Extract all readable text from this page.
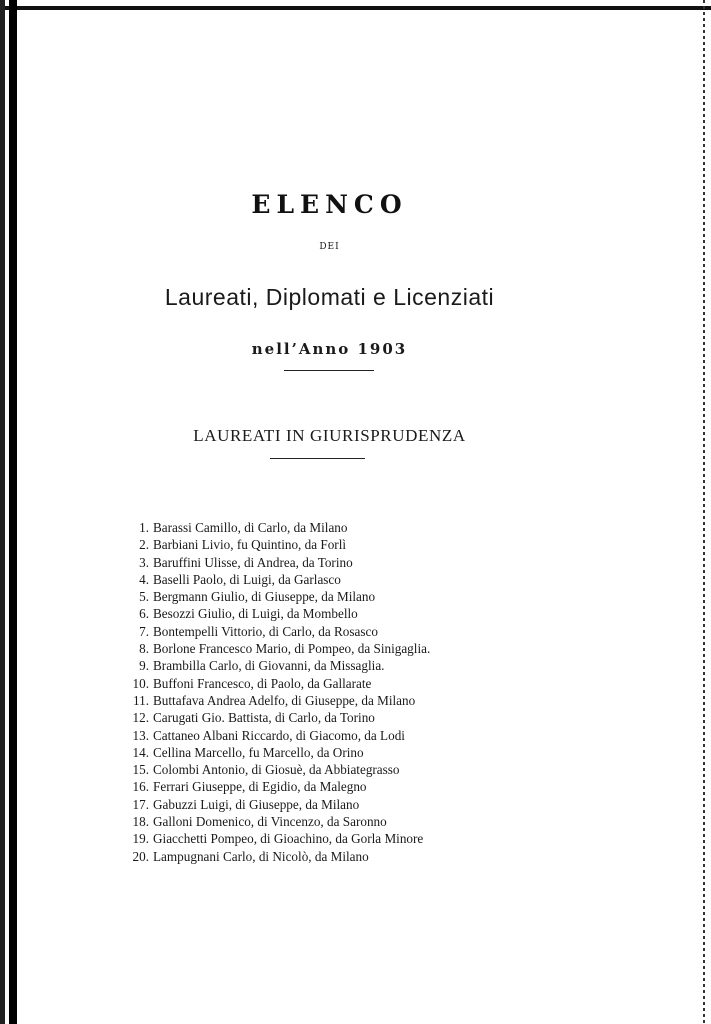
ELENCO
DEI
Laureati, Diplomati e Licenziati
nell’Anno 1903
LAUREATI IN GIURISPRUDENZA
1. Barassi Camillo, di Carlo, da Milano
2. Barbiani Livio, fu Quintino, da Forlì
3. Baruffini Ulisse, di Andrea, da Torino
4. Baselli Paolo, di Luigi, da Garlasco
5. Bergmann Giulio, di Giuseppe, da Milano
6. Besozzi Giulio, di Luigi, da Mombello
7. Bontempelli Vittorio, di Carlo, da Rosasco
8. Borlone Francesco Mario, di Pompeo, da Sinigaglia.
9. Brambilla Carlo, di Giovanni, da Missaglia.
10. Buffoni Francesco, di Paolo, da Gallarate
11. Buttafava Andrea Adelfo, di Giuseppe, da Milano
12. Carugati Gio. Battista, di Carlo, da Torino
13. Cattaneo Albani Riccardo, di Giacomo, da Lodi
14. Cellina Marcello, fu Marcello, da Orino
15. Colombi Antonio, di Giosuè, da Abbiategrasso
16. Ferrari Giuseppe, di Egidio, da Malegno
17. Gabuzzi Luigi, di Giuseppe, da Milano
18. Galloni Domenico, di Vincenzo, da Saronno
19. Giacchetti Pompeo, di Gioachino, da Gorla Minore
20. Lampugnani Carlo, di Nicolò, da Milano
